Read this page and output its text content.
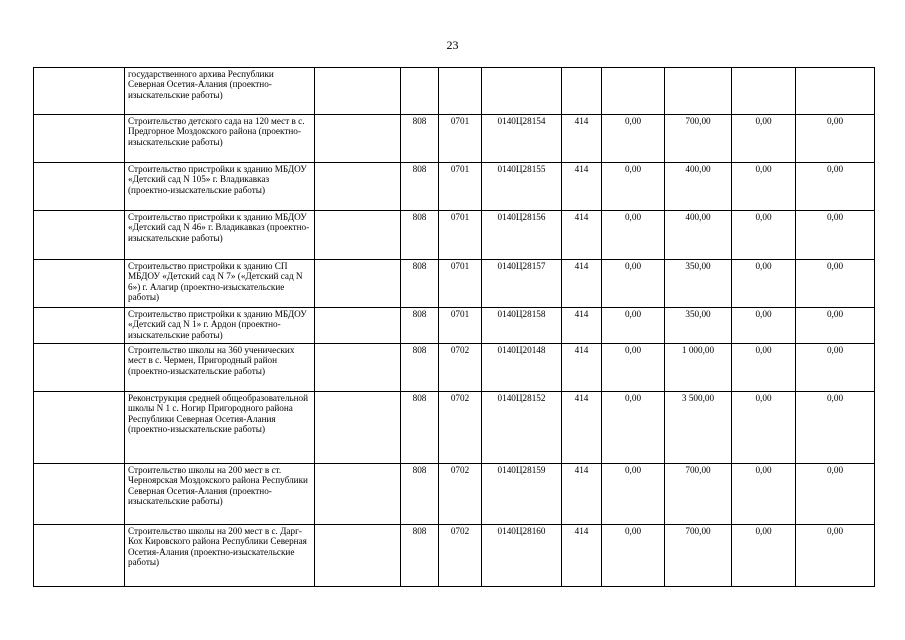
23
	государственного архива Республики Северная Осетия-Алания (проектно-изыскательские работы)									
	Строительство детского сада на 120 мест в с. Предгорное Моздокского района (проектно-изыскательские работы)		808	0701	0140Ц28154	414	0,00	700,00	0,00	0,00
	Строительство пристройки к зданию МБДОУ «Детский сад N 105» г. Владикавказ (проектно-изыскательские работы)		808	0701	0140Ц28155	414	0,00	400,00	0,00	0,00
	Строительство пристройки к зданию МБДОУ «Детский сад N 46» г. Владикавказ (проектно-изыскательские работы)		808	0701	0140Ц28156	414	0,00	400,00	0,00	0,00
	Строительство пристройки к зданию СП МБДОУ «Детский сад N 7» («Детский сад N 6») г. Алагир (проектно-изыскательские работы)		808	0701	0140Ц28157	414	0,00	350,00	0,00	0,00
	Строительство пристройки к зданию МБДОУ «Детский сад N 1» г. Ардон (проектно-изыскательские работы)		808	0701	0140Ц28158	414	0,00	350,00	0,00	0,00
	Строительство школы на 360 ученических мест в с. Чермен, Пригородный район (проектно-изыскательские работы)		808	0702	0140Ц20148	414	0,00	1 000,00	0,00	0,00
	Реконструкция средней общеобразовательной школы N 1 с. Ногир Пригородного района Республики Северная Осетия-Алания (проектно-изыскательские работы)		808	0702	0140Ц28152	414	0,00	3 500,00	0,00	0,00
	Строительство школы на 200 мест в ст. Черноярская Моздокского района Республики Северная Осетия-Алания (проектно-изыскательские работы)		808	0702	0140Ц28159	414	0,00	700,00	0,00	0,00
	Строительство школы на 200 мест в с. Дарг-Кох Кировского района Республики Северная Осетия-Алания (проектно-изыскательские работы)		808	0702	0140Ц28160	414	0,00	700,00	0,00	0,00
